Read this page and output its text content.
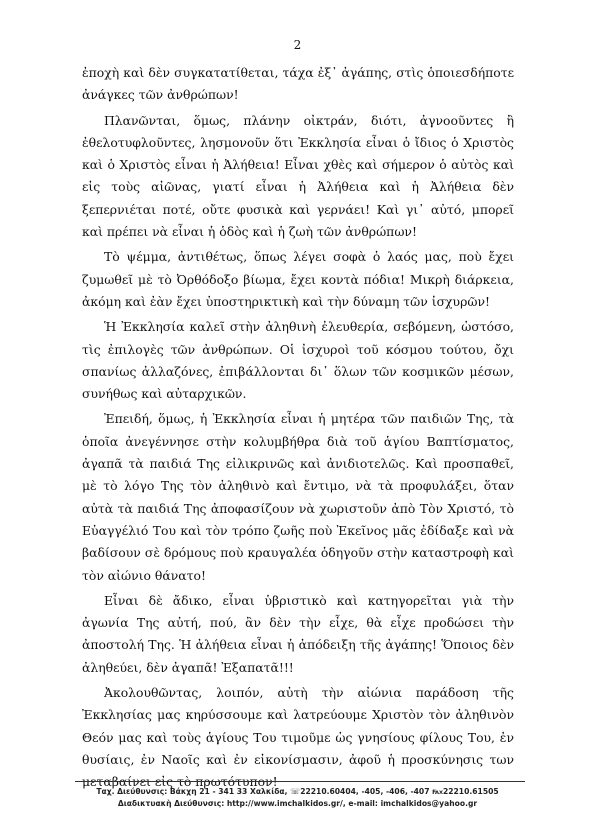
2

ἐποχὴ καὶ δὲν συγκατατίθεται, τάχα ἐξ᾽ ἀγάπης, στὶς ὁποιεσδήποτε ἀνάγκες τῶν ἀνθρώπων!

Πλανῶνται, ὅμως, πλάνην οἰκτράν, διότι, ἀγνοοῦντες ἢ ἐθελοτυφλοῦντες, λησμονοῦν ὅτι Ἐκκλησία εἶναι ὁ ἴδιος ὁ Χριστὸς καὶ ὁ Χριστὸς εἶναι ἡ Ἀλήθεια! Εἶναι χθὲς καὶ σήμερον ὁ αὐτὸς καὶ εἰς τοὺς αἰῶνας, γιατί εἶναι ἡ Ἀλήθεια καὶ ἡ Ἀλήθεια δὲν ξεπερνιέται ποτέ, οὔτε φυσικὰ καὶ γερνάει! Καὶ γι᾽ αὐτό, μπορεῖ καὶ πρέπει νὰ εἶναι ἡ ὁδὸς καὶ ἡ ζωὴ τῶν ἀνθρώπων!

Τὸ ψέμμα, ἀντιθέτως, ὅπως λέγει σοφὰ ὁ λαός μας, ποὺ ἔχει ζυμωθεῖ μὲ τὸ Ὀρθόδοξο βίωμα, ἔχει κοντὰ πόδια! Μικρὴ διάρκεια, ἀκόμη καὶ ἐὰν ἔχει ὑποστηρικτικὴ καὶ τὴν δύναμη τῶν ἰσχυρῶν!

Ἡ Ἐκκλησία καλεῖ στὴν ἀληθινὴ ἐλευθερία, σεβόμενη, ὡστόσο, τὶς ἐπιλογὲς τῶν ἀνθρώπων. Οἱ ἰσχυροὶ τοῦ κόσμου τούτου, ὄχι σπανίως ἀλλαζόνες, ἐπιβάλλονται δι᾽ ὅλων τῶν κοσμικῶν μέσων, συνήθως καὶ αὐταρχικῶν.

Ἐπειδή, ὅμως, ἡ Ἐκκλησία εἶναι ἡ μητέρα τῶν παιδιῶν Της, τὰ ὁποῖα ἀνεγέννησε στὴν κολυμβήθρα διὰ τοῦ ἁγίου Βαπτίσματος, ἀγαπᾶ τὰ παιδιά Της εἰλικρινῶς καὶ ἀνιδιοτελῶς. Καὶ προσπαθεῖ, μὲ τὸ λόγο Της τὸν ἀληθινὸ καὶ ἔντιμο, νὰ τὰ προφυλάξει, ὅταν αὐτὰ τὰ παιδιά Της ἀποφασίζουν νὰ χωριστοῦν ἀπὸ Τὸν Χριστό, τὸ Εὐαγγέλιό Του καὶ τὸν τρόπο ζωῆς ποὺ Ἐκεῖνος μᾶς ἐδίδαξε καὶ νὰ βαδίσουν σὲ δρόμους ποὺ κραυγαλέα ὁδηγοῦν στὴν καταστροφὴ καὶ τὸν αἰώνιο θάνατο!

Εἶναι δὲ ἄδικο, εἶναι ὑβριστικὸ καὶ κατηγορεῖται γιὰ τὴν ἀγωνία Της αὐτή, πού, ἂν δὲν τὴν εἶχε, θὰ εἶχε προδώσει τὴν ἀποστολή Της. Ἡ ἀλήθεια εἶναι ἡ ἀπόδειξη τῆς ἀγάπης! Ὅποιος δὲν ἀληθεύει, δὲν ἀγαπᾶ! Ἐξαπατᾶ!!!

Ἀκολουθῶντας, λοιπόν, αὐτὴ τὴν αἰώνια παράδοση τῆς Ἐκκλησίας μας κηρύσσουμε καὶ λατρεύουμε Χριστὸν τὸν ἀληθινὸν Θεόν μας καὶ τοὺς ἁγίους Του τιμοῦμε ὡς γνησίους φίλους Του, ἐν θυσίαις, ἐν Ναοῖς καὶ ἐν εἰκονίσμασιν, ἀφοῦ ἡ προσκύνησις των μεταβαίνει εἰς τὸ πρωτότυπον!

Ταχ. Διεύθυνσις: Βάκχη 21 - 341 33 Χαλκίδα, ☏22210.60404, -405, -406, -407 ℻22210.61505
Διαδικτυακὴ Διεύθυνσις: http://www.imchalkidos.gr/, e-mail: imchalkidos@yahoo.gr
